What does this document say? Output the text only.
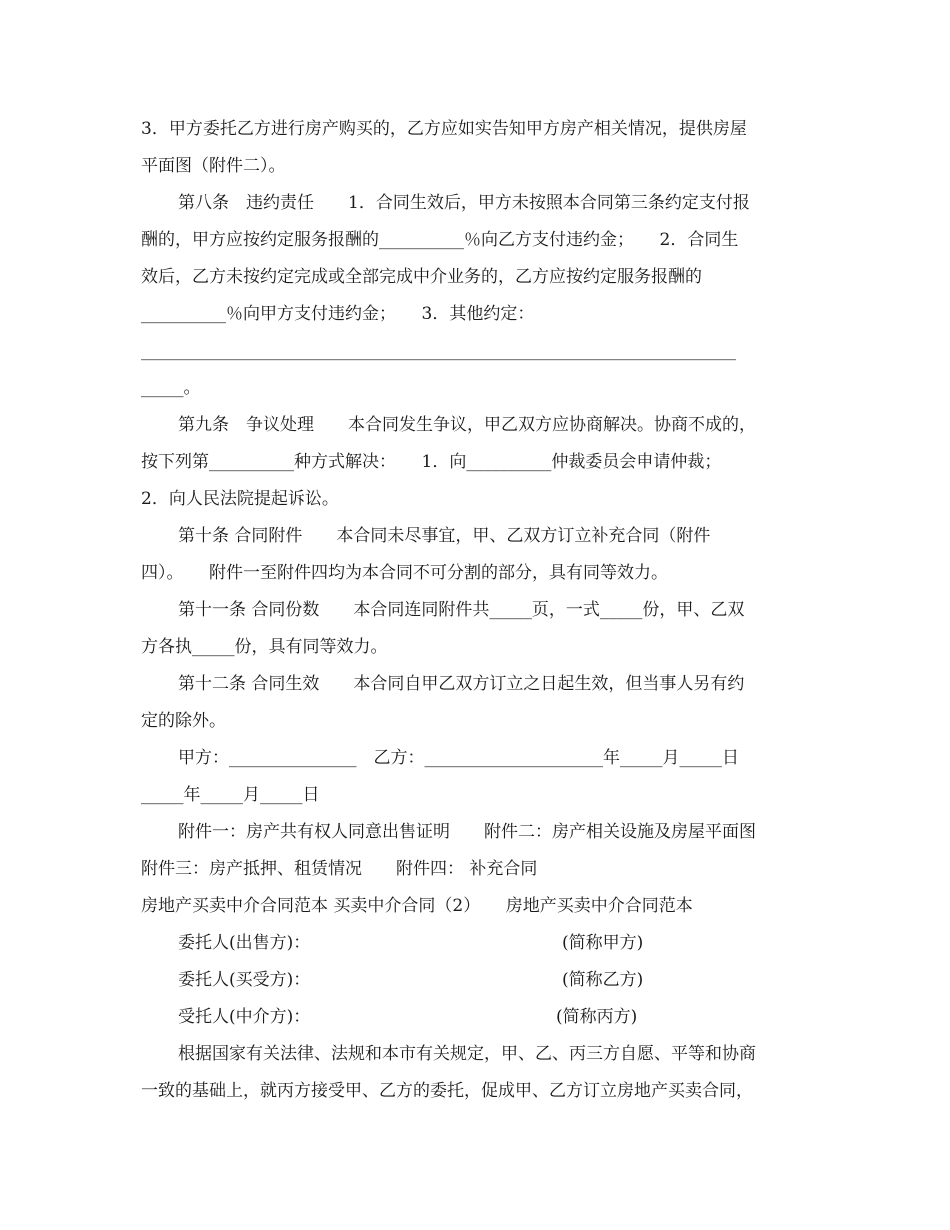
3．甲方委托乙方进行房产购买的，乙方应如实告知甲方房产相关情况，提供房屋
平面图（附件二）。
第八条　违约责任　　1．合同生效后，甲方未按照本合同第三条约定支付报
酬的，甲方应按约定服务报酬的__________％向乙方支付违约金；　　2．合同生
效后，乙方未按约定完成或全部完成中介业务的，乙方应按约定服务报酬的
__________％向甲方支付违约金；　　3．其他约定：
______________________________________________________________________
_____。
第九条　争议处理　　本合同发生争议，甲乙双方应协商解决。协商不成的，
按下列第__________种方式解决：　　1．向__________仲裁委员会申请仲裁；
2．向人民法院提起诉讼。
第十条 合同附件　　本合同未尽事宜，甲、乙双方订立补充合同（附件
四）。　　附件一至附件四均为本合同不可分割的部分，具有同等效力。
第十一条 合同份数　　本合同连同附件共_____页，一式_____份，甲、乙双
方各执_____份，具有同等效力。
第十二条 合同生效　　本合同自甲乙双方订立之日起生效，但当事人另有约
定的除外。
甲方：_______________　乙方：_____________________年_____月_____日
_____年_____月_____日
附件一：房产共有权人同意出售证明　　附件二：房产相关设施及房屋平面图
附件三：房产抵押、租赁情况　　附件四： 补充合同
房地产买卖中介合同范本 买卖中介合同（2）　　房地产买卖中介合同范本
委托人(出售方)：	(简称甲方)
委托人(买受方)：	(简称乙方)
受托人(中介方)：	(简称丙方)
根据国家有关法律、法规和本市有关规定，甲、乙、丙三方自愿、平等和协商
一致的基础上，就丙方接受甲、乙方的委托，促成甲、乙方订立房地产买卖合同，
